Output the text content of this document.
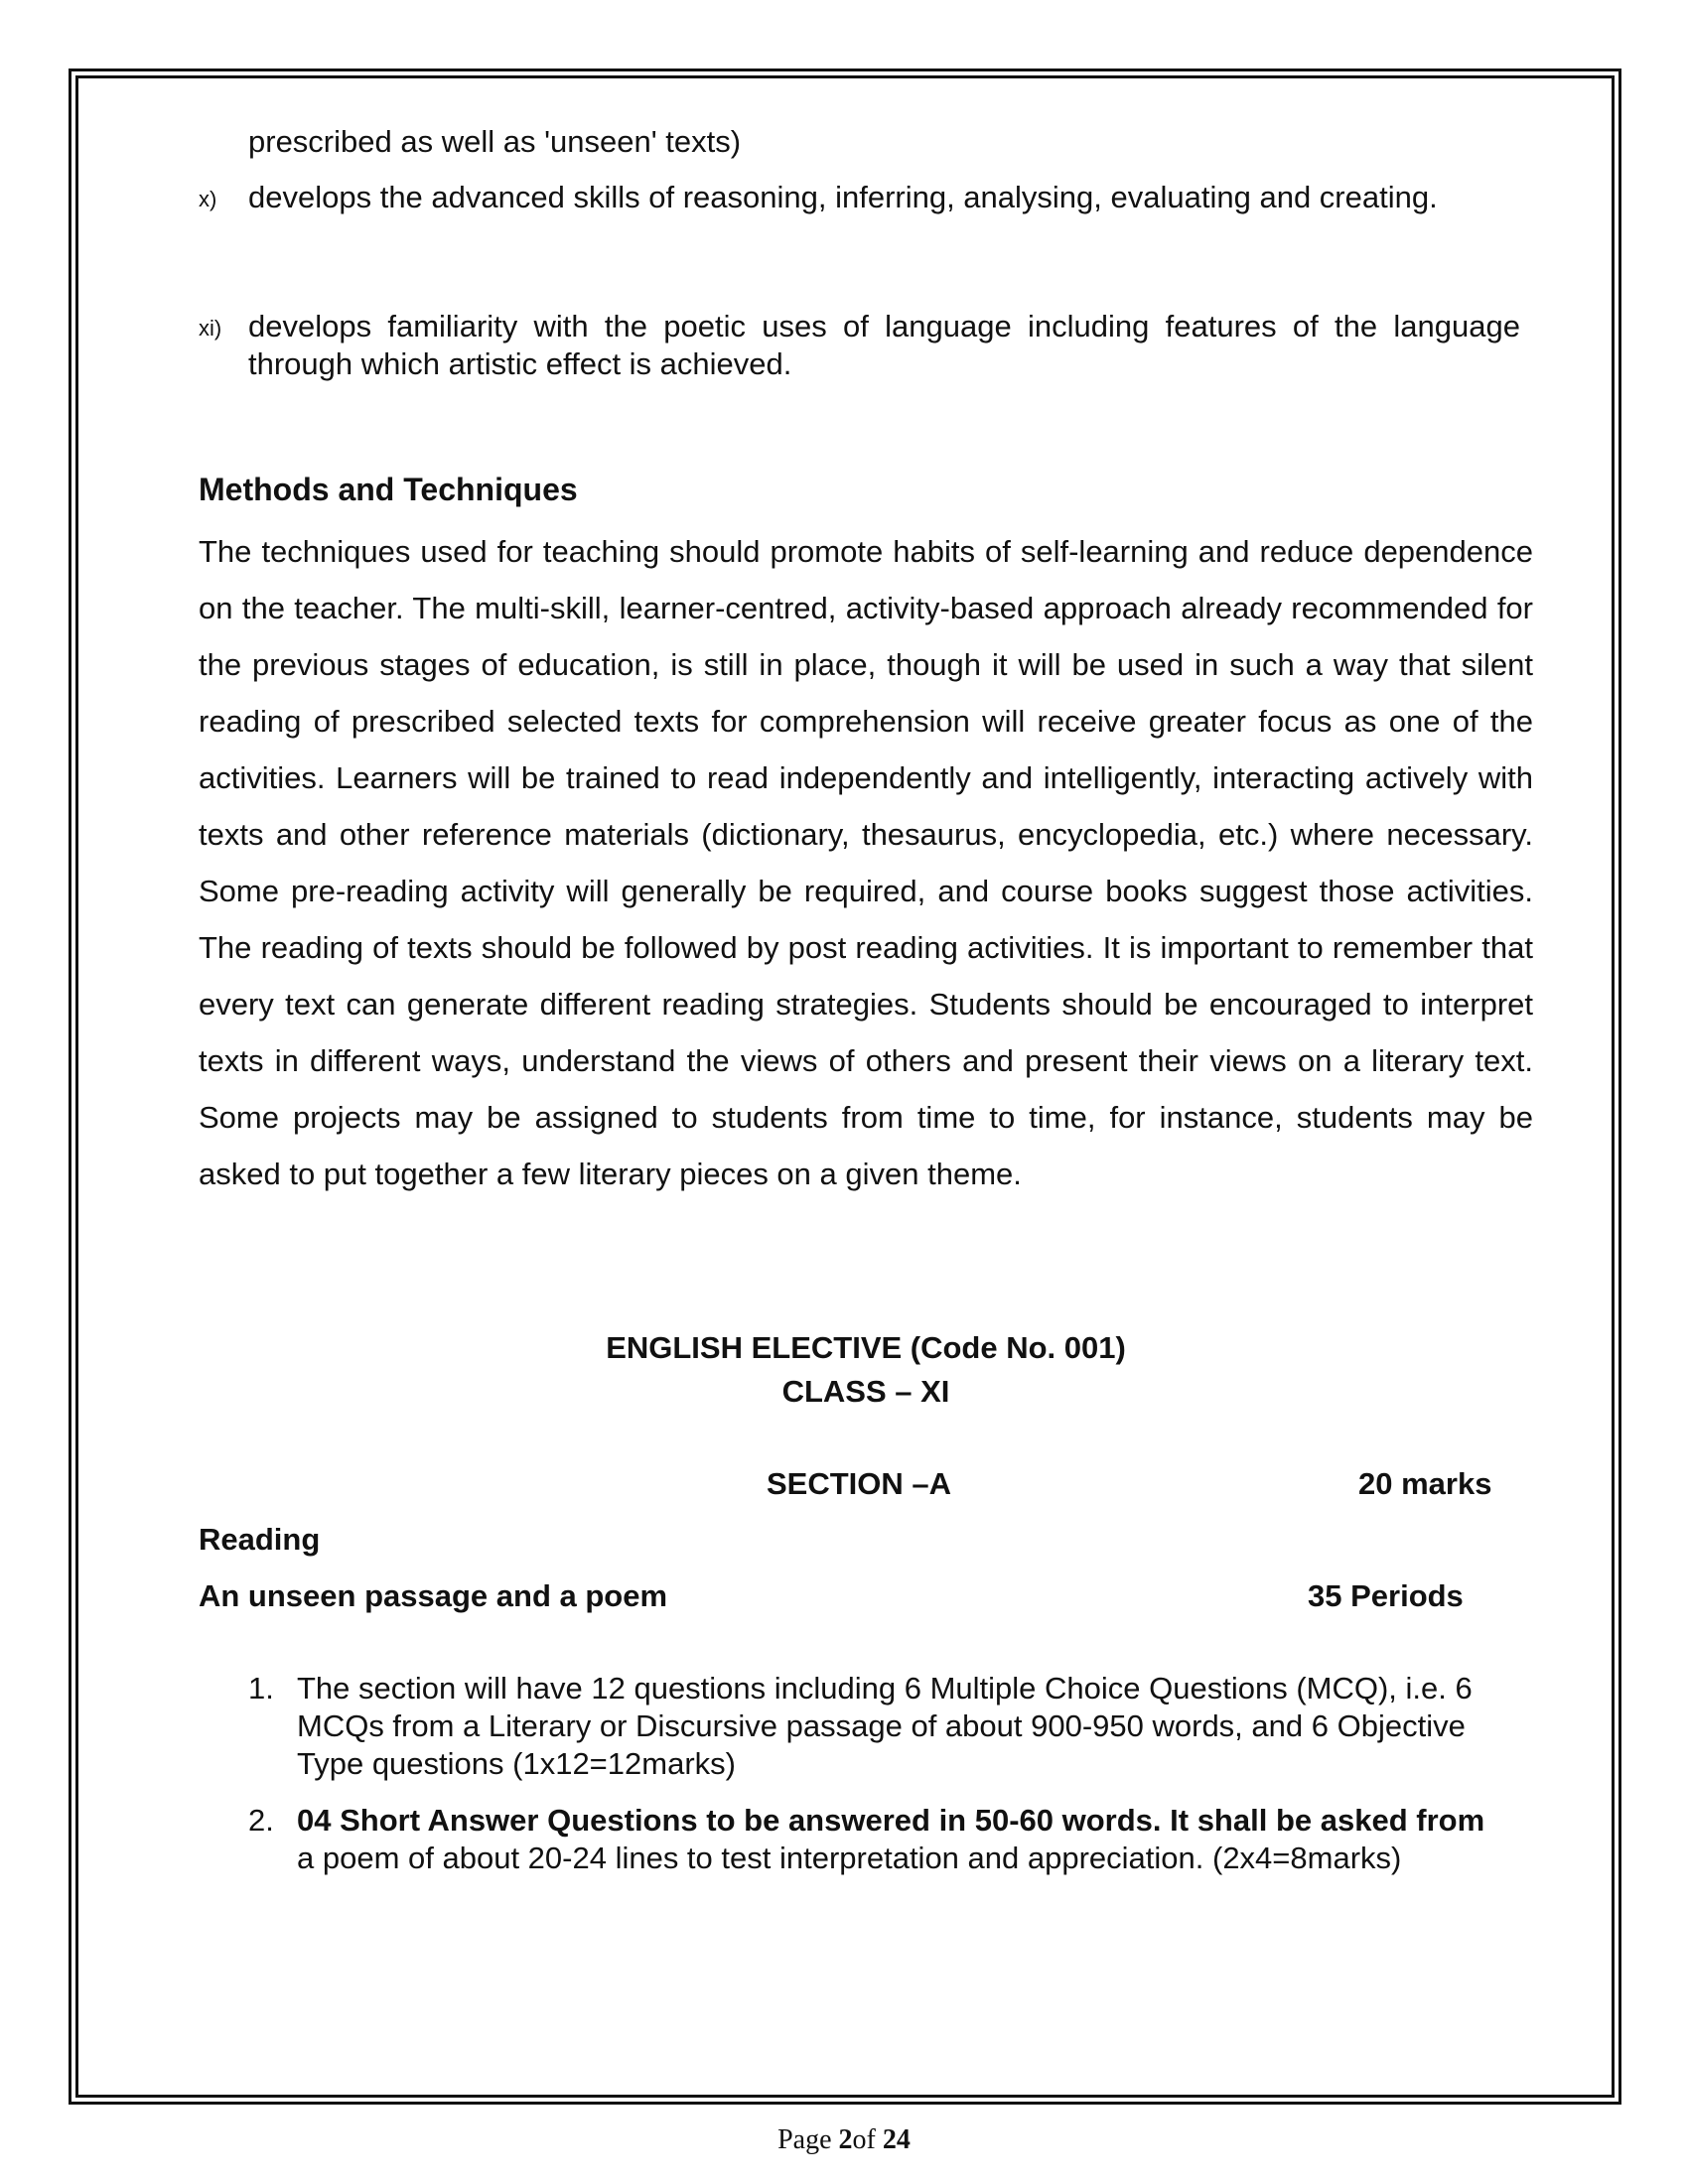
prescribed as well as 'unseen' texts)
x) develops the advanced skills of reasoning, inferring, analysing, evaluating and creating.
xi) develops familiarity with the poetic uses of language including features of the language through which artistic effect is achieved.
Methods and Techniques
The techniques used for teaching should promote habits of self-learning and reduce dependence on the teacher. The multi-skill, learner-centred, activity-based approach already recommended for the previous stages of education, is still in place, though it will be used in such a way that silent reading of prescribed selected texts for comprehension will receive greater focus as one of the activities. Learners will be trained to read independently and intelligently, interacting actively with texts and other reference materials (dictionary, thesaurus, encyclopedia, etc.) where necessary. Some pre-reading activity will generally be required, and course books suggest those activities. The reading of texts should be followed by post reading activities. It is important to remember that every text can generate different reading strategies. Students should be encouraged to interpret texts in different ways, understand the views of others and present their views on a literary text. Some projects may be assigned to students from time to time, for instance, students may be asked to put together a few literary pieces on a given theme.
ENGLISH ELECTIVE (Code No. 001)
CLASS – XI
SECTION –A	20 marks
Reading
An unseen passage and a poem	35 Periods
1. The section will have 12 questions including 6 Multiple Choice Questions (MCQ), i.e. 6 MCQs from a Literary or Discursive passage of about 900-950 words, and 6 Objective Type questions (1x12=12marks)
2. 04 Short Answer Questions to be answered in 50-60 words. It shall be asked from a poem of about 20-24 lines to test interpretation and appreciation. (2x4=8marks)
Page 2of 24
